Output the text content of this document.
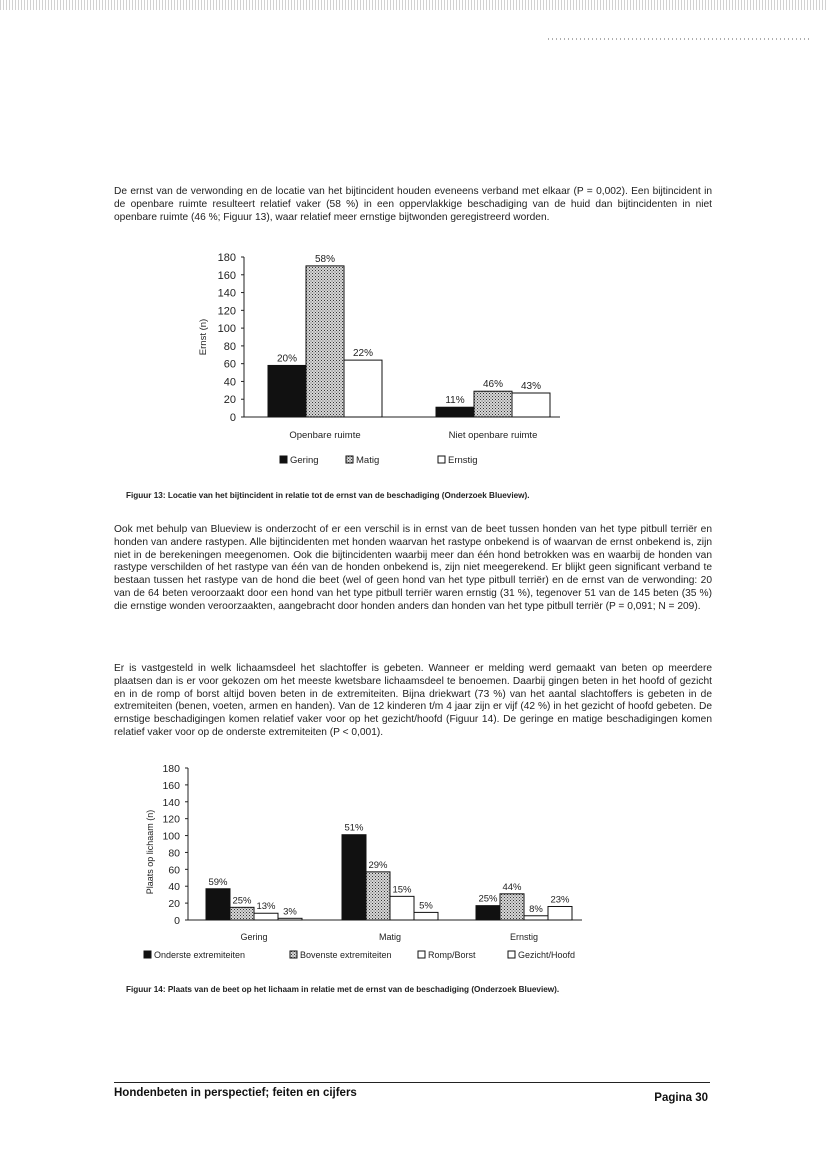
De ernst van de verwonding en de locatie van het bijtincident houden eveneens verband met elkaar (P = 0,002). Een bijtincident in de openbare ruimte resulteert relatief vaker (58 %) in een oppervlakkige beschadiging van de huid dan bijtincidenten in niet openbare ruimte (46 %; Figuur 13), waar relatief meer ernstige bijtwonden geregistreerd worden.

0
20
40
60
80
100
120
140
160
180
Ernst (n)
20%
58%
22%
Openbare ruimte
11%
46% 43%
Niet openbare ruimte
Gering	Matig	Ernstig
Figuur 13: Locatie van het bijtincident in relatie tot de ernst van de beschadiging (Onderzoek Blueview).

Ook met behulp van Blueview is onderzocht of er een verschil is in ernst van de beet tussen honden van het type pitbull terriër en honden van andere rastypen. Alle bijtincidenten met honden waarvan het rastype onbekend is of waarvan de ernst onbekend is, zijn niet in de berekeningen meegenomen. Ook die bijtincidenten waarbij meer dan één hond betrokken was en waarbij de honden van rastype verschilden of het rastype van één van de honden onbekend is, zijn niet meegerekend. Er blijkt geen significant verband te bestaan tussen het rastype van de hond die beet (wel of geen hond van het type pitbull terriër) en de ernst van de verwonding: 20 van de 64 beten veroorzaakt door een hond van het type pitbull terriër waren ernstig (31 %), tegenover 51 van de 145 beten (35 %) die ernstige wonden veroorzaakten, aangebracht door honden anders dan honden van het type pitbull terriër (P = 0,091; N = 209).

Er is vastgesteld in welk lichaamsdeel het slachtoffer is gebeten. Wanneer er melding werd gemaakt van beten op meerdere plaatsen dan is er voor gekozen om het meeste kwetsbare lichaamsdeel te benoemen. Daarbij gingen beten in het hoofd of gezicht en in de romp of borst altijd boven beten in de extremiteiten. Bijna driekwart (73 %) van het aantal slachtoffers is gebeten in de extremiteiten (benen, voeten, armen en handen). Van de 12 kinderen t/m 4 jaar zijn er vijf (42 %) in het gezicht of hoofd gebeten. De ernstige beschadigingen komen relatief vaker voor op het gezicht/hoofd (Figuur 14). De geringe en matige beschadigingen komen relatief vaker voor op de onderste extremiteiten (P < 0,001).

0
20
40
60
80
100
120
140
160
180
Plaats op lichaam (n)	59%
25%
13% 3%
Gering
51%
29%
15%
5%
Matig
25%
44%
8%
23%
Ernstig
Onderste extremiteiten	Bovenste extremiteiten	Romp/Borst	Gezicht/Hoofd
Figuur 14: Plaats van de beet op het lichaam in relatie met de ernst van de beschadiging (Onderzoek Blueview).
Hondenbeten in perspectief; feiten en cijfers	Pagina 30
